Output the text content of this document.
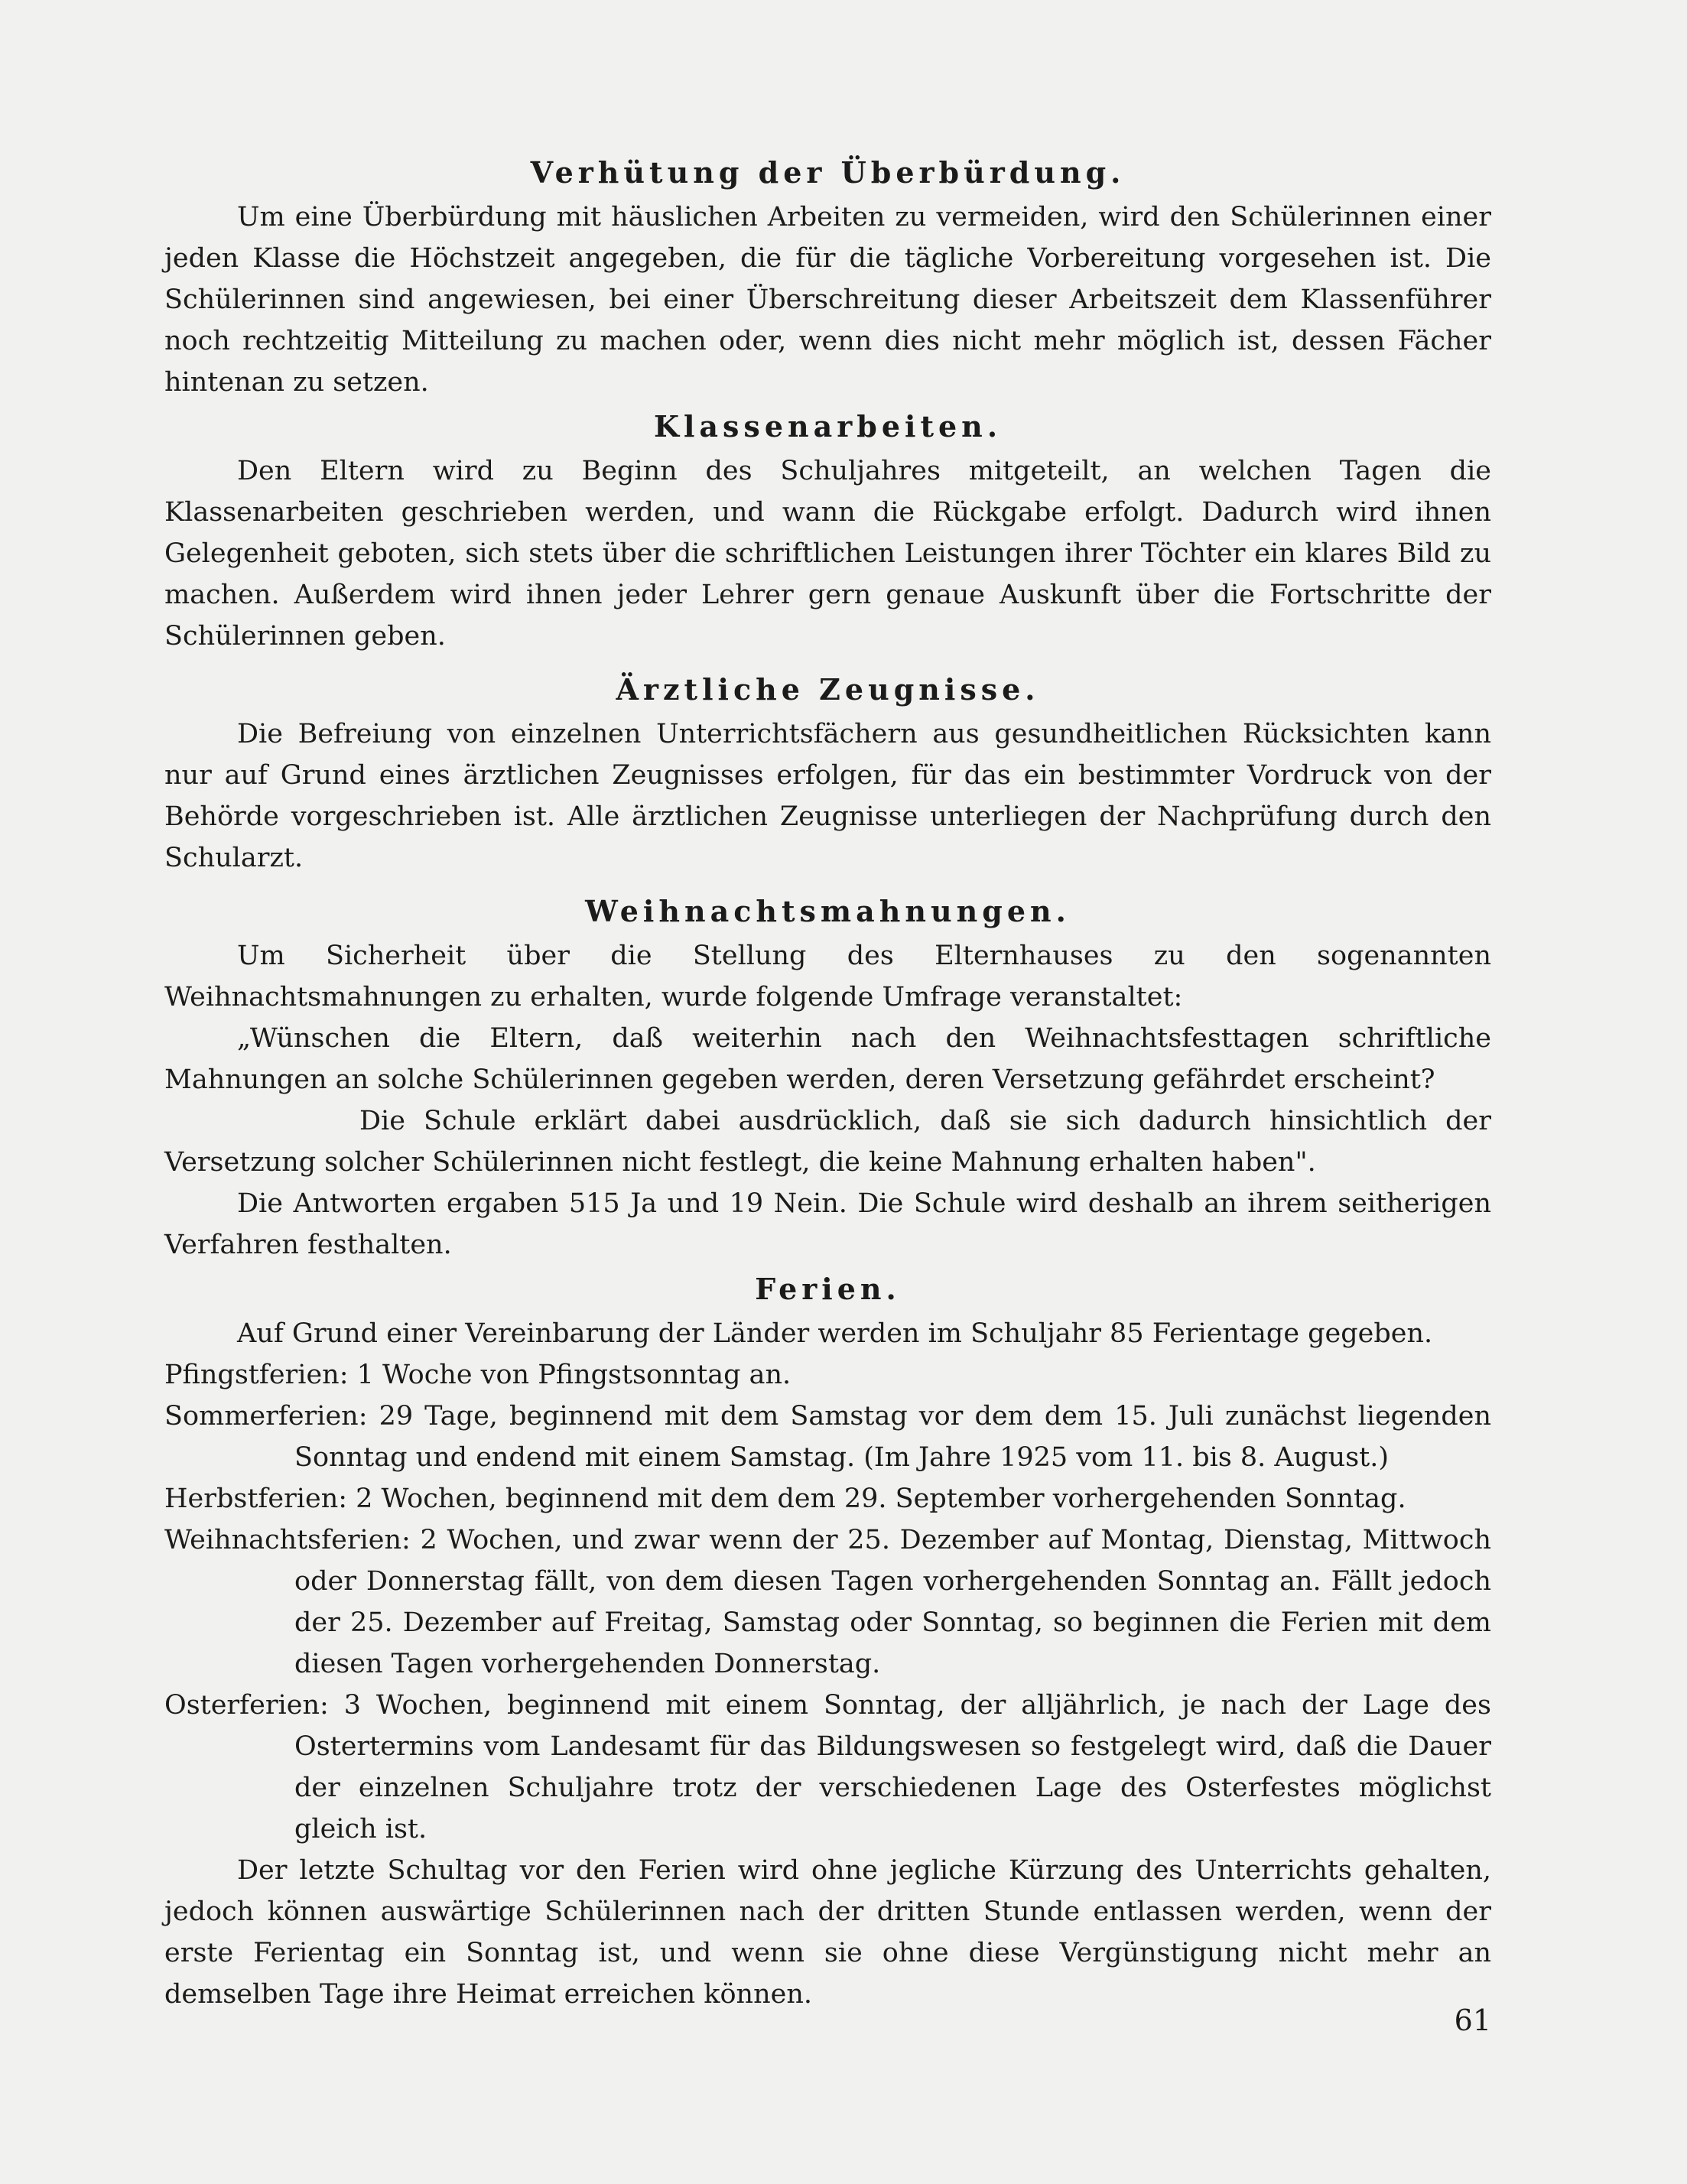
Verhütung der Überbürdung.

Um eine Überbürdung mit häuslichen Arbeiten zu vermeiden, wird den Schülerinnen einer jeden Klasse die Höchstzeit angegeben, die für die tägliche Vorbereitung vorgesehen ist. Die Schülerinnen sind angewiesen, bei einer Überschreitung dieser Arbeitszeit dem Klassenführer noch rechtzeitig Mitteilung zu machen oder, wenn dies nicht mehr möglich ist, dessen Fächer hintenan zu setzen.

Klassenarbeiten.

Den Eltern wird zu Beginn des Schuljahres mitgeteilt, an welchen Tagen die Klassenarbeiten geschrieben werden, und wann die Rückgabe erfolgt. Dadurch wird ihnen Gelegenheit geboten, sich stets über die schriftlichen Leistungen ihrer Töchter ein klares Bild zu machen. Außerdem wird ihnen jeder Lehrer gern genaue Auskunft über die Fortschritte der Schülerinnen geben.

Ärztliche Zeugnisse.

Die Befreiung von einzelnen Unterrichtsfächern aus gesundheitlichen Rücksichten kann nur auf Grund eines ärztlichen Zeugnisses erfolgen, für das ein bestimmter Vordruck von der Behörde vorgeschrieben ist. Alle ärztlichen Zeugnisse unterliegen der Nachprüfung durch den Schularzt.

Weihnachtsmahnungen.

Um Sicherheit über die Stellung des Elternhauses zu den sogenannten Weihnachtsmahnungen zu erhalten, wurde folgende Umfrage veranstaltet:

„Wünschen die Eltern, daß weiterhin nach den Weihnachtsfesttagen schriftliche Mahnungen an solche Schülerinnen gegeben werden, deren Versetzung gefährdet erscheint?

Die Schule erklärt dabei ausdrücklich, daß sie sich dadurch hinsichtlich der Versetzung solcher Schülerinnen nicht festlegt, die keine Mahnung erhalten haben".

Die Antworten ergaben 515 Ja und 19 Nein. Die Schule wird deshalb an ihrem seitherigen Verfahren festhalten.

Ferien.

Auf Grund einer Vereinbarung der Länder werden im Schuljahr 85 Ferientage gegeben.

Pfingstferien: 1 Woche von Pfingstsonntag an.

Sommerferien: 29 Tage, beginnend mit dem Samstag vor dem dem 15. Juli zunächst liegenden Sonntag und endend mit einem Samstag. (Im Jahre 1925 vom 11. bis 8. August.)

Herbstferien: 2 Wochen, beginnend mit dem dem 29. September vorhergehenden Sonntag.

Weihnachtsferien: 2 Wochen, und zwar wenn der 25. Dezember auf Montag, Dienstag, Mittwoch oder Donnerstag fällt, von dem diesen Tagen vorhergehenden Sonntag an. Fällt jedoch der 25. Dezember auf Freitag, Samstag oder Sonntag, so beginnen die Ferien mit dem diesen Tagen vorhergehenden Donnerstag.

Osterferien: 3 Wochen, beginnend mit einem Sonntag, der alljährlich, je nach der Lage des Ostertermins vom Landesamt für das Bildungswesen so festgelegt wird, daß die Dauer der einzelnen Schuljahre trotz der verschiedenen Lage des Osterfestes möglichst gleich ist.

Der letzte Schultag vor den Ferien wird ohne jegliche Kürzung des Unterrichts gehalten, jedoch können auswärtige Schülerinnen nach der dritten Stunde entlassen werden, wenn der erste Ferientag ein Sonntag ist, und wenn sie ohne diese Vergünstigung nicht mehr an demselben Tage ihre Heimat erreichen können.

61
